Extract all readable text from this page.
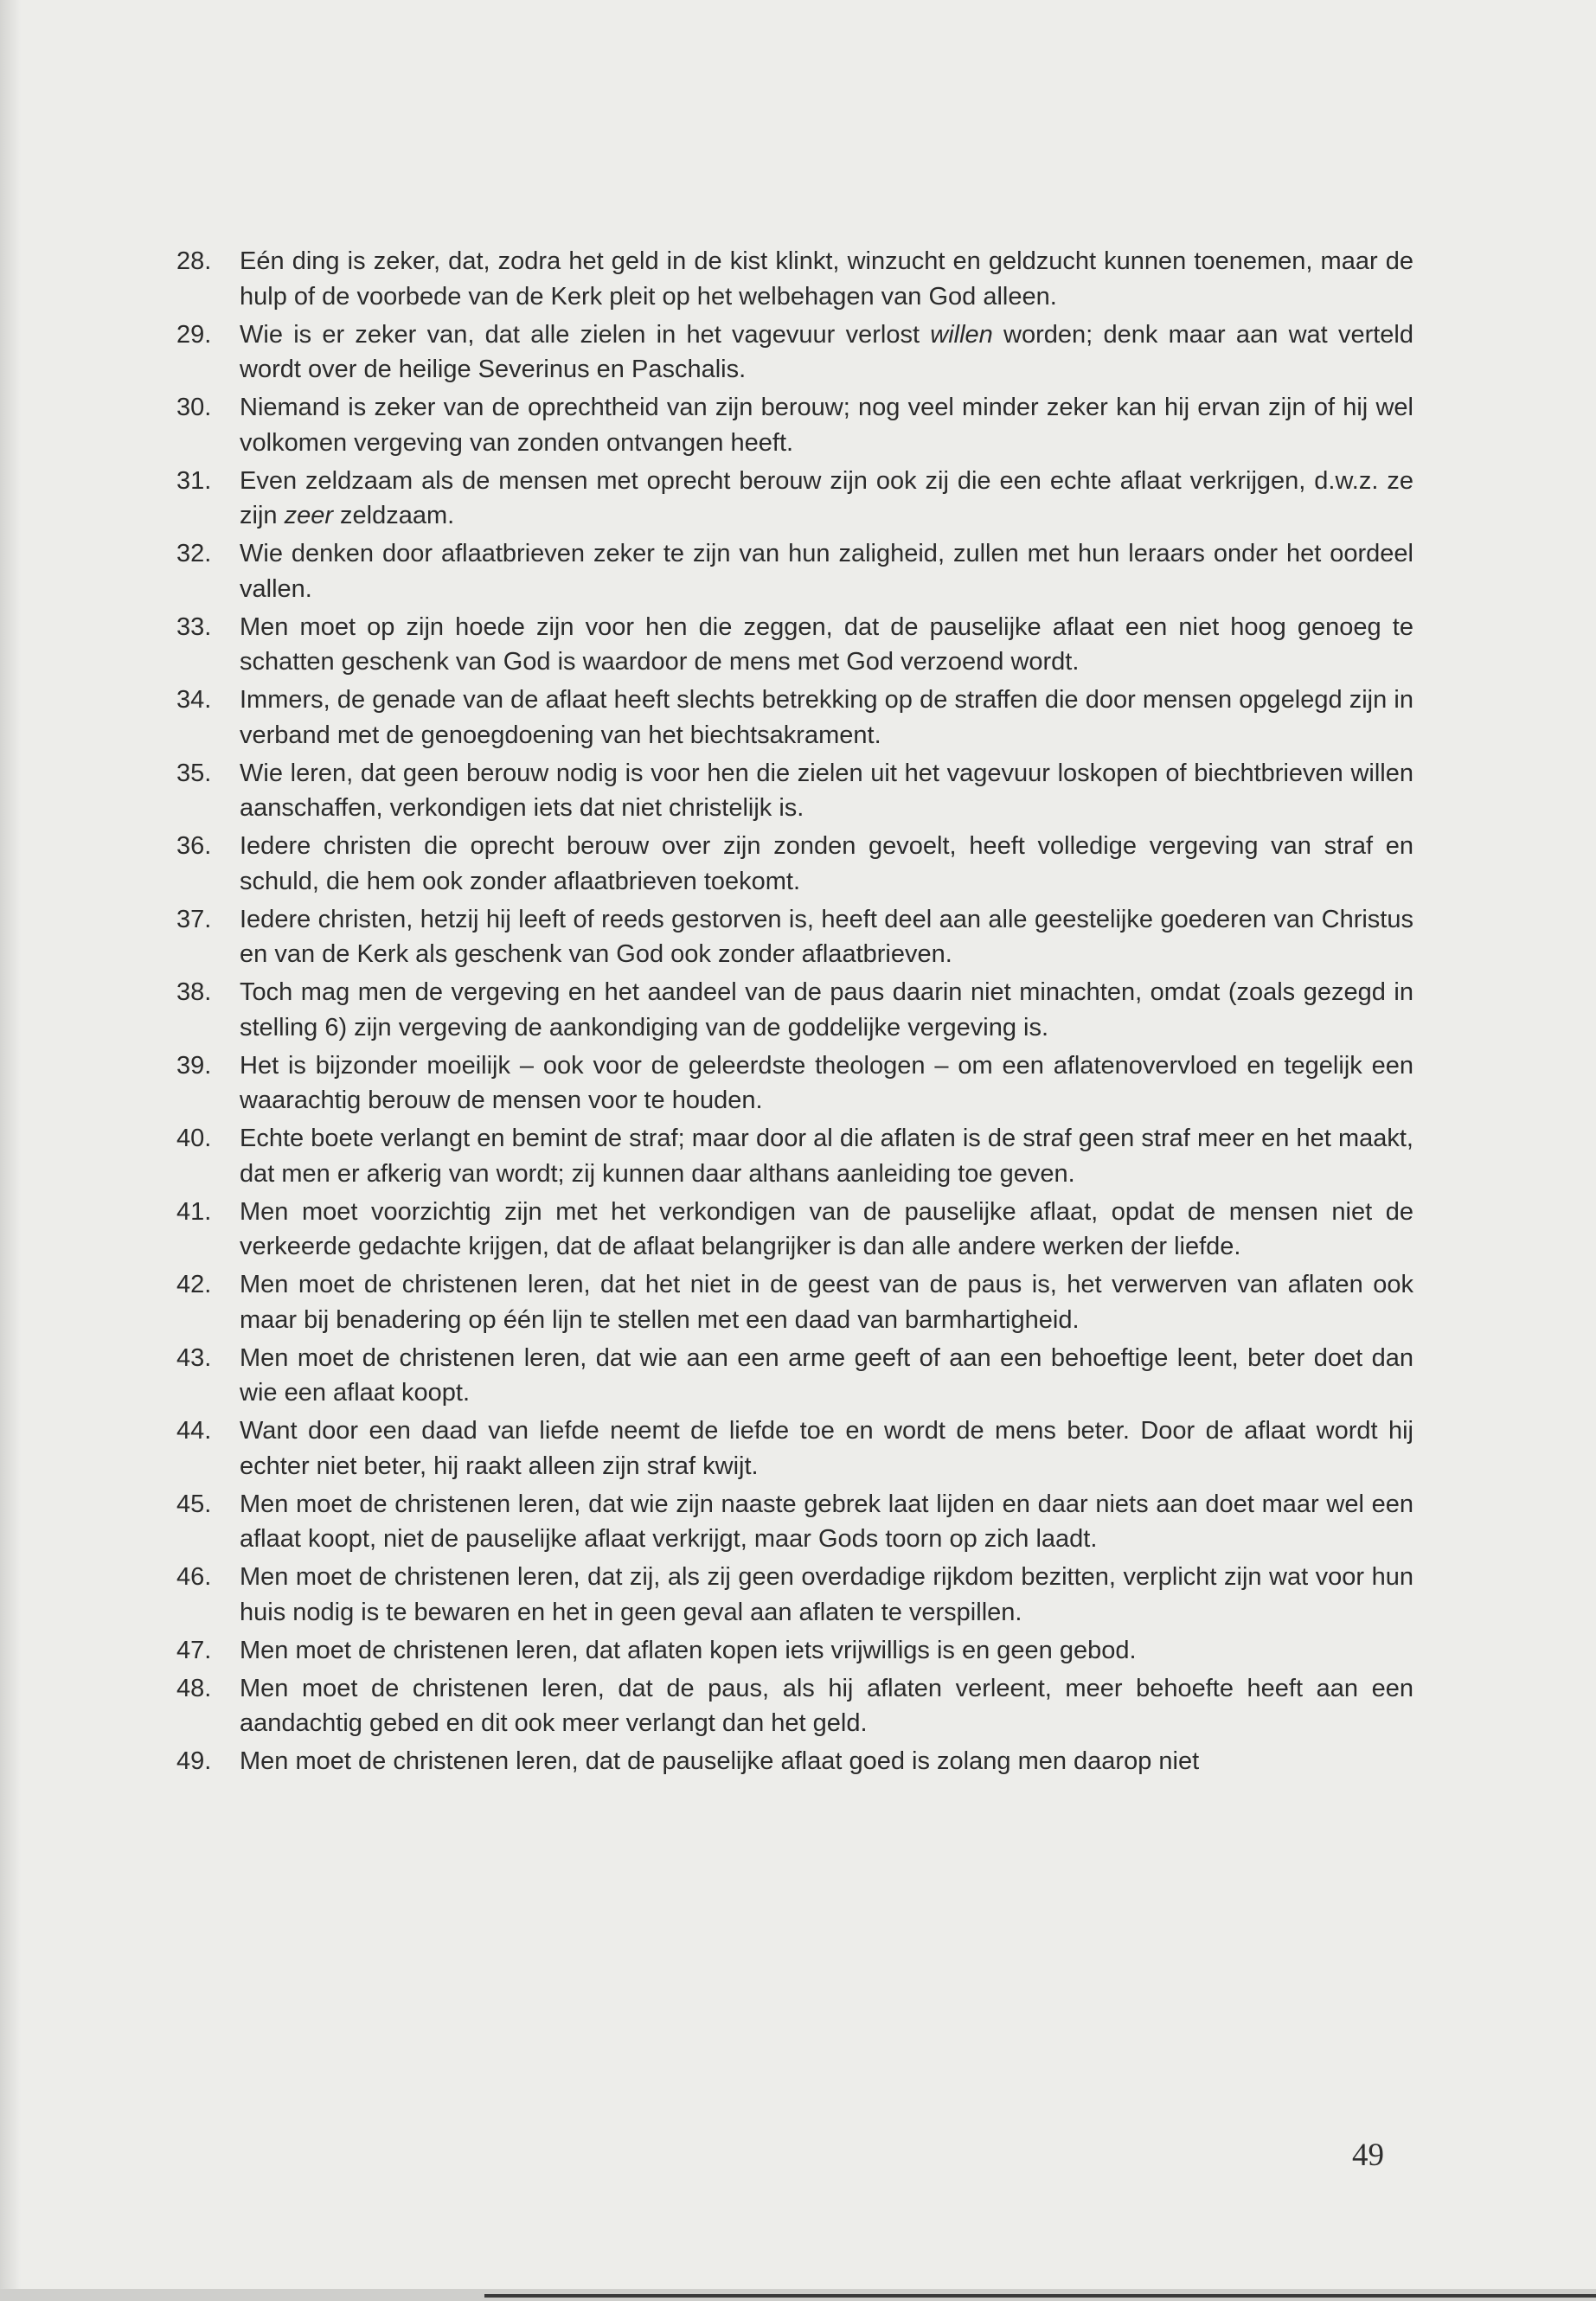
28.	Eén ding is zeker, dat, zodra het geld in de kist klinkt, winzucht en geldzucht kunnen toenemen, maar de hulp of de voorbede van de Kerk pleit op het welbehagen van God alleen.
29.	Wie is er zeker van, dat alle zielen in het vagevuur verlost willen worden; denk maar aan wat verteld wordt over de heilige Severinus en Paschalis.
30.	Niemand is zeker van de oprechtheid van zijn berouw; nog veel minder zeker kan hij ervan zijn of hij wel volkomen vergeving van zonden ontvangen heeft.
31.	Even zeldzaam als de mensen met oprecht berouw zijn ook zij die een echte aflaat verkrijgen, d.w.z. ze zijn zeer zeldzaam.
32.	Wie denken door aflaatbrieven zeker te zijn van hun zaligheid, zullen met hun leraars onder het oordeel vallen.
33.	Men moet op zijn hoede zijn voor hen die zeggen, dat de pauselijke aflaat een niet hoog genoeg te schatten geschenk van God is waardoor de mens met God verzoend wordt.
34.	Immers, de genade van de aflaat heeft slechts betrekking op de straffen die door mensen opgelegd zijn in verband met de genoegdoening van het biechtsakrament.
35.	Wie leren, dat geen berouw nodig is voor hen die zielen uit het vagevuur loskopen of biechtbrieven willen aanschaffen, verkondigen iets dat niet christelijk is.
36.	Iedere christen die oprecht berouw over zijn zonden gevoelt, heeft volledige vergeving van straf en schuld, die hem ook zonder aflaatbrieven toekomt.
37.	Iedere christen, hetzij hij leeft of reeds gestorven is, heeft deel aan alle geestelijke goederen van Christus en van de Kerk als geschenk van God ook zonder aflaatbrieven.
38.	Toch mag men de vergeving en het aandeel van de paus daarin niet minachten, omdat (zoals gezegd in stelling 6) zijn vergeving de aankondiging van de goddelijke vergeving is.
39.	Het is bijzonder moeilijk – ook voor de geleerdste theologen – om een aflatenovervloed en tegelijk een waarachtig berouw de mensen voor te houden.
40.	Echte boete verlangt en bemint de straf; maar door al die aflaten is de straf geen straf meer en het maakt, dat men er afkerig van wordt; zij kunnen daar althans aanleiding toe geven.
41.	Men moet voorzichtig zijn met het verkondigen van de pauselijke aflaat, opdat de mensen niet de verkeerde gedachte krijgen, dat de aflaat belangrijker is dan alle andere werken der liefde.
42.	Men moet de christenen leren, dat het niet in de geest van de paus is, het verwerven van aflaten ook maar bij benadering op één lijn te stellen met een daad van barmhartigheid.
43.	Men moet de christenen leren, dat wie aan een arme geeft of aan een behoeftige leent, beter doet dan wie een aflaat koopt.
44.	Want door een daad van liefde neemt de liefde toe en wordt de mens beter. Door de aflaat wordt hij echter niet beter, hij raakt alleen zijn straf kwijt.
45.	Men moet de christenen leren, dat wie zijn naaste gebrek laat lijden en daar niets aan doet maar wel een aflaat koopt, niet de pauselijke aflaat verkrijgt, maar Gods toorn op zich laadt.
46.	Men moet de christenen leren, dat zij, als zij geen overdadige rijkdom bezitten, verplicht zijn wat voor hun huis nodig is te bewaren en het in geen geval aan aflaten te verspillen.
47.	Men moet de christenen leren, dat aflaten kopen iets vrijwilligs is en geen gebod.
48.	Men moet de christenen leren, dat de paus, als hij aflaten verleent, meer behoefte heeft aan een aandachtig gebed en dit ook meer verlangt dan het geld.
49.	Men moet de christenen leren, dat de pauselijke aflaat goed is zolang men daarop niet
49
